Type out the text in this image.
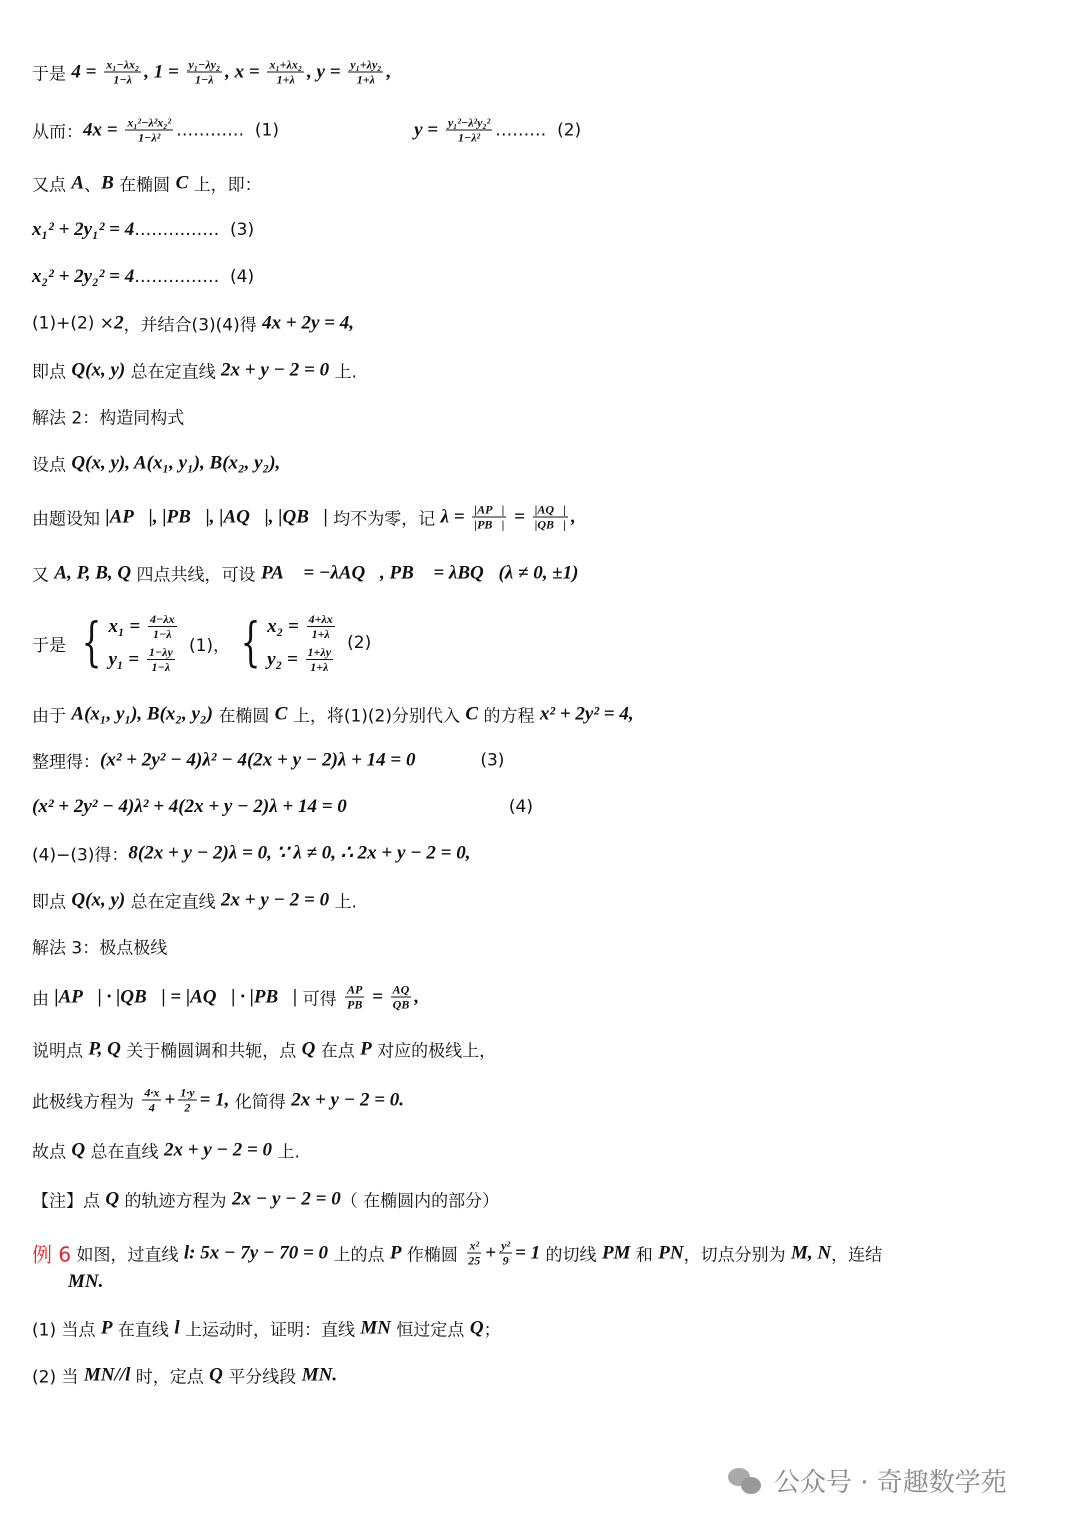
于是 $4 = \frac{\text{x₁−λx₂}}{1-\lambda}$ , $1 = \frac{\text{y₁−λy₂}}{1-\lambda}$ , $x = \frac{\text{x₁+λx₂}}{1+\lambda}$ , $y = \frac{\text{y₁+λy₂}}{1+\lambda}$ ,
从而： $4x = \frac{\text{x₁²−λ²x₂²}}{\text{1−λ²}}$ …………  (1) $y = \frac{\text{y₁²−λ²y₂²}}{\text{1−λ²}}$ ………  (2)
又点 A 、 B 在椭圆 C 上，即：
x₁² + 2y₁² = 4 ……………  (3)
x₂² + 2y₂² = 4 ……………  (4)
(1)+(2) × 2 ，并结合(3)(4)得 4x + 2y = 4,
即点 Q(x, y) 总在定直线 2x + y − 2 = 0 上.
解法 2：构造同构式
设点 Q(x, y), A(x₁, y₁), B(x₂, y₂),
由题设知 |AP⃗|, |PB⃗|, |AQ⃗|, |QB⃗| 均不为零，记 $\lambda = \frac{|AP⃗|}{|PB⃗|} = \frac{|AQ⃗|}{|QB⃗|}$ ,
又 A, P, B, Q 四点共线，可设 PA⃗ = −λAQ⃗, PB⃗ = λBQ⃗(λ ≠ 0, ±1)
于是 { $x_1 = \frac{4-\lambda x}{1-\lambda}$
$y_1 = \frac{1-\lambda y}{1-\lambda} (1)$， { $x_2 = \frac{4+\lambda x}{1+\lambda}$
$y_2 = \frac{1+\lambda y}{1+\lambda}$
(2)
由于 A(x₁, y₁), B(x₂, y₂) 在椭圆 C 上，将(1)(2)分别代入 C 的方程 x² + 2y² = 4,
整理得： (x² + 2y² − 4)λ² − 4(2x + y − 2)λ + 14 = 0 (3)
(x² + 2y² − 4)λ² + 4(2x + y − 2)λ + 14 = 0 (4)
(4)−(3)得： 8(2x + y − 2)λ = 0, ∵ λ ≠ 0, ∴ 2x + y − 2 = 0,
即点 Q(x, y) 总在定直线 2x + y − 2 = 0 上.
解法 3：极点极线
由 |AP⃗| · |QB⃗| = |AQ⃗| · |PB⃗| 可得 $\frac{AP}{PB} = \frac{AQ}{QB}$ ,
说明点 P, Q 关于椭圆调和共轭，点 Q 在点 P 对应的极线上，
此极线方程为 $\frac{4\cdot x}{4} + \frac{1\cdot y}{2} = 1$, 化简得 2x + y − 2 = 0.
故点 Q 总在直线 2x + y − 2 = 0 上.
【注】点 Q 的轨迹方程为 2x − y − 2 = 0 （ 在椭圆内的部分）
例 6 如图，过直线 l: 5x − 7y − 70 = 0 上的点 P 作椭圆 $\frac{\text{x²}}{25} + \frac{\text{y²}}{9} = 1$ 的切线 PM 和 PN ，切点分别为 M, N ，连结
MN.
(1) 当点 P 在直线 l 上运动时，证明：直线 MN 恒过定点 Q ；
(2) 当 MN//l 时，定点 Q 平分线段 MN.
公众号 · 奇趣数学苑
